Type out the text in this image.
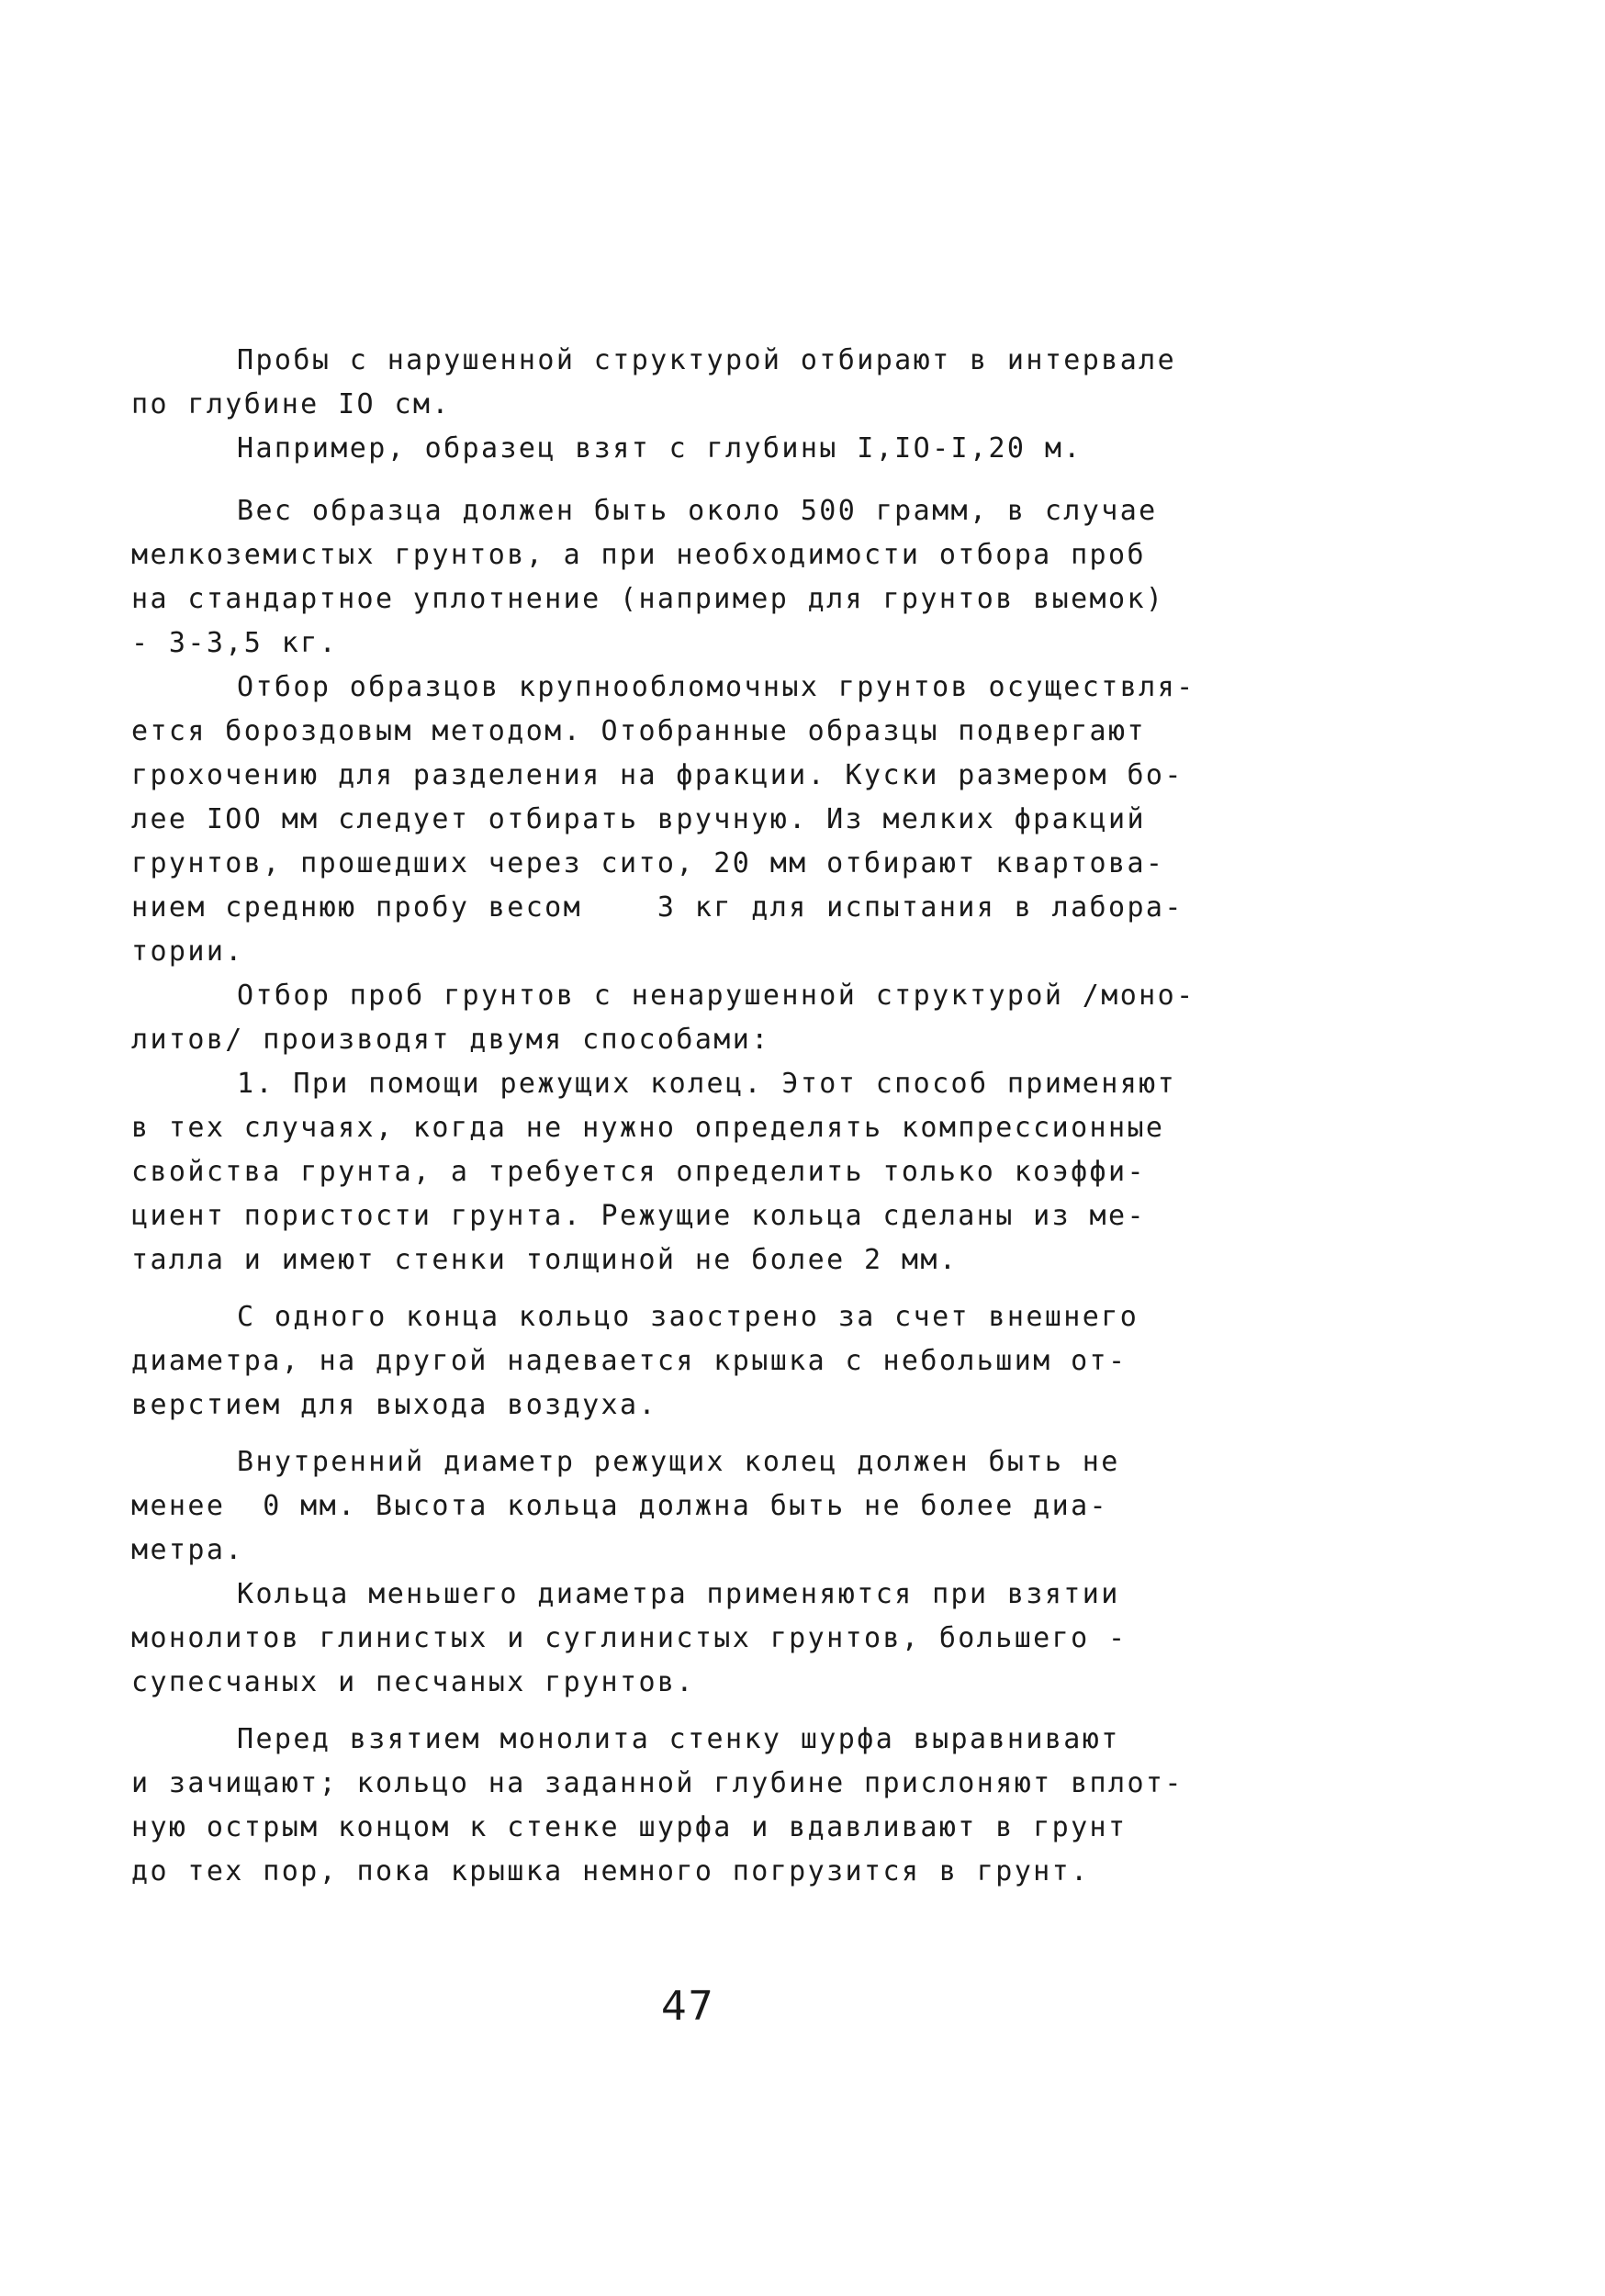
Пробы с нарушенной структурой отбирают в интервале
по глубине IO см.
Например, образец взят с глубины I,IO-I,20 м.
Вес образца должен быть около 500 грамм, в случае
мелкоземистых грунтов, а при необходимости отбора проб
на стандартное уплотнение (например для грунтов выемок)
- 3-3,5 кг.
Отбор образцов крупнообломочных грунтов осуществля-
ется бороздовым методом. Отобранные образцы подвергают
грохочению для разделения на фракции. Куски размером бо-
лее IOO мм следует отбирать вручную. Из мелких фракций
грунтов, прошедших через сито, 20 мм отбирают квартова-
нием среднюю пробу весом    3 кг для испытания в лабора-
тории.
Отбор проб грунтов с ненарушенной структурой /моно-
литов/ производят двумя способами:
1. При помощи режущих колец. Этот способ применяют
в тех случаях, когда не нужно определять компрессионные
свойства грунта, а требуется определить только коэффи-
циент пористости грунта. Режущие кольца сделаны из ме-
талла и имеют стенки толщиной не более 2 мм.
С одного конца кольцо заострено за счет внешнего
диаметра, на другой надевается крышка с небольшим от-
верстием для выхода воздуха.
Внутренний диаметр режущих колец должен быть не
менее  0 мм. Высота кольца должна быть не более диа-
метра.
Кольца меньшего диаметра применяются при взятии
монолитов глинистых и суглинистых грунтов, большего -
супесчаных и песчаных грунтов.
Перед взятием монолита стенку шурфа выравнивают
и зачищают; кольцо на заданной глубине прислоняют вплот-
ную острым концом к стенке шурфа и вдавливают в грунт
до тех пор, пока крышка немного погрузится в грунт.
47
